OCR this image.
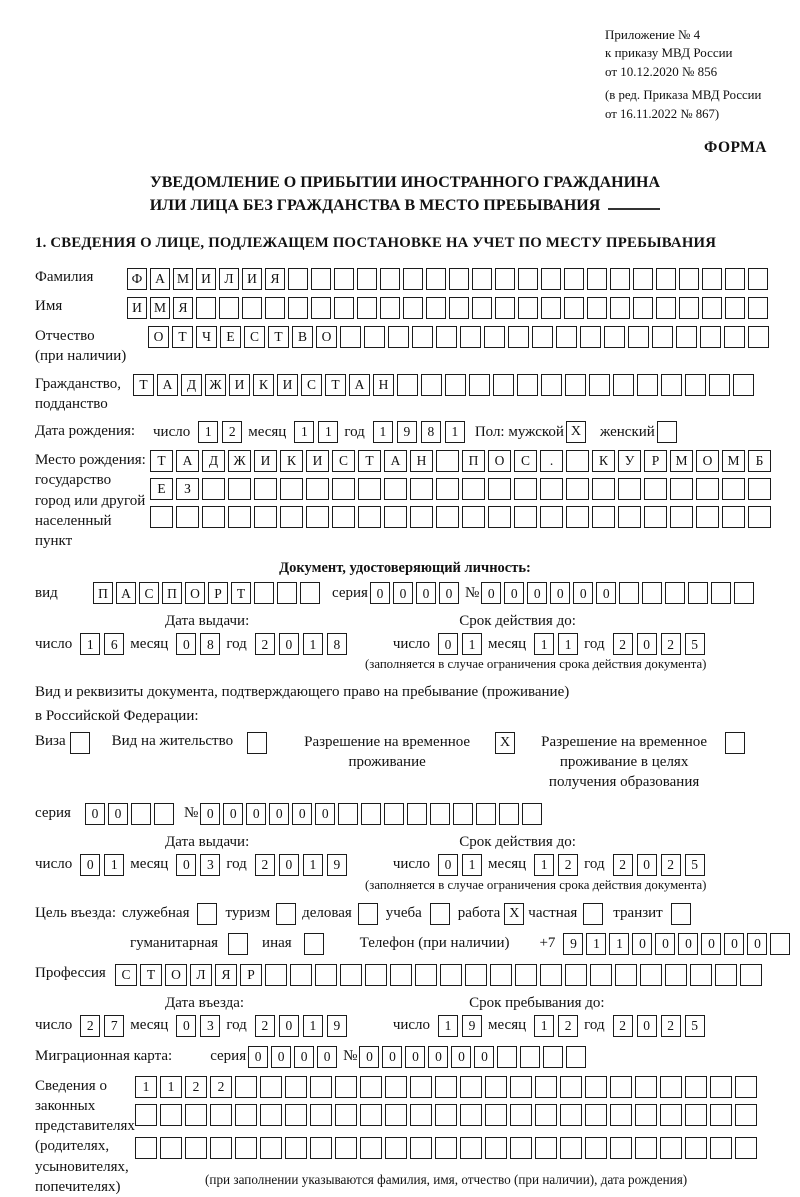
Приложение № 4
к приказу МВД России
от 10.12.2020 № 856
(в ред. Приказа МВД России
от 16.11.2022 № 867)
ФОРМА
УВЕДОМЛЕНИЕ О ПРИБЫТИИ ИНОСТРАННОГО ГРАЖДАНИНА
ИЛИ ЛИЦА БЕЗ ГРАЖДАНСТВА В МЕСТО ПРЕБЫВАНИЯ
1. СВЕДЕНИЯ О ЛИЦЕ, ПОДЛЕЖАЩЕМ ПОСТАНОВКЕ НА УЧЕТ ПО МЕСТУ ПРЕБЫВАНИЯ
Фамилия	Ф А М И	Л	И	Я
Имя	И М Я
Отчество
(при наличии)
О	Т	Ч	Е	С	Т	В	О
Гражданство,
подданство
Т	А	Д Ж И	К	И	С	Т	А	Н
Дата рождения:	число	1	2 месяц	1	1 год	1	9	8	1	Пол: мужской X	женский
Место рождения:
государство
город или другой
населенный пункт
Т	А	Д	Ж	И	К	И	С	Т	А	Н	П	О	С	.	К	У	Р	М	О	М	Б
Е	З
Документ, удостоверяющий личность:
вид	П А	С	П О	Р	Т	серия 0	0	0	0 № 0	0	0	0	0	0
Дата выдачи:	Срок действия до:
число	1	6 месяц	0	8 год	2	0	1	8	число	0	1 месяц	1	1 год	2	0	2	5
(заполняется в случае ограничения срока действия документа)
Вид и реквизиты документа, подтверждающего право на пребывание (проживание)
в Российской Федерации:
Виза	Вид на жительство	Разрешение на временное проживание
X	Разрешение на временное проживание в целях получения образования
серия	0	0	№ 0	0	0	0	0	0
Дата выдачи:	Срок действия до:
число	0	1 месяц	0	3 год	2	0	1	9	число	0	1 месяц	1	2 год	2	0	2	5
(заполняется в случае ограничения срока действия документа)
Цель въезда: служебная туризм деловая учеба работа X частная транзит
гуманитарная	иная	Телефон (при наличии) +7	9	1	1	0	0	0	0	0	0
Профессия	С	Т	О	Л	Я	Р
Дата въезда:	Срок пребывания до:
число	2	7 месяц	0	3 год	2	0	1	9	число	1	9 месяц	1	2 год	2	0	2	5
Миграционная карта:	серия 0	0	0	0 № 0	0	0	0	0	0
Сведения о
законных
представителях
(родителях,
усыновителях,
попечителях)
1	1	2	2
(при заполнении указываются фамилия, имя, отчество (при наличии), дата рождения)
